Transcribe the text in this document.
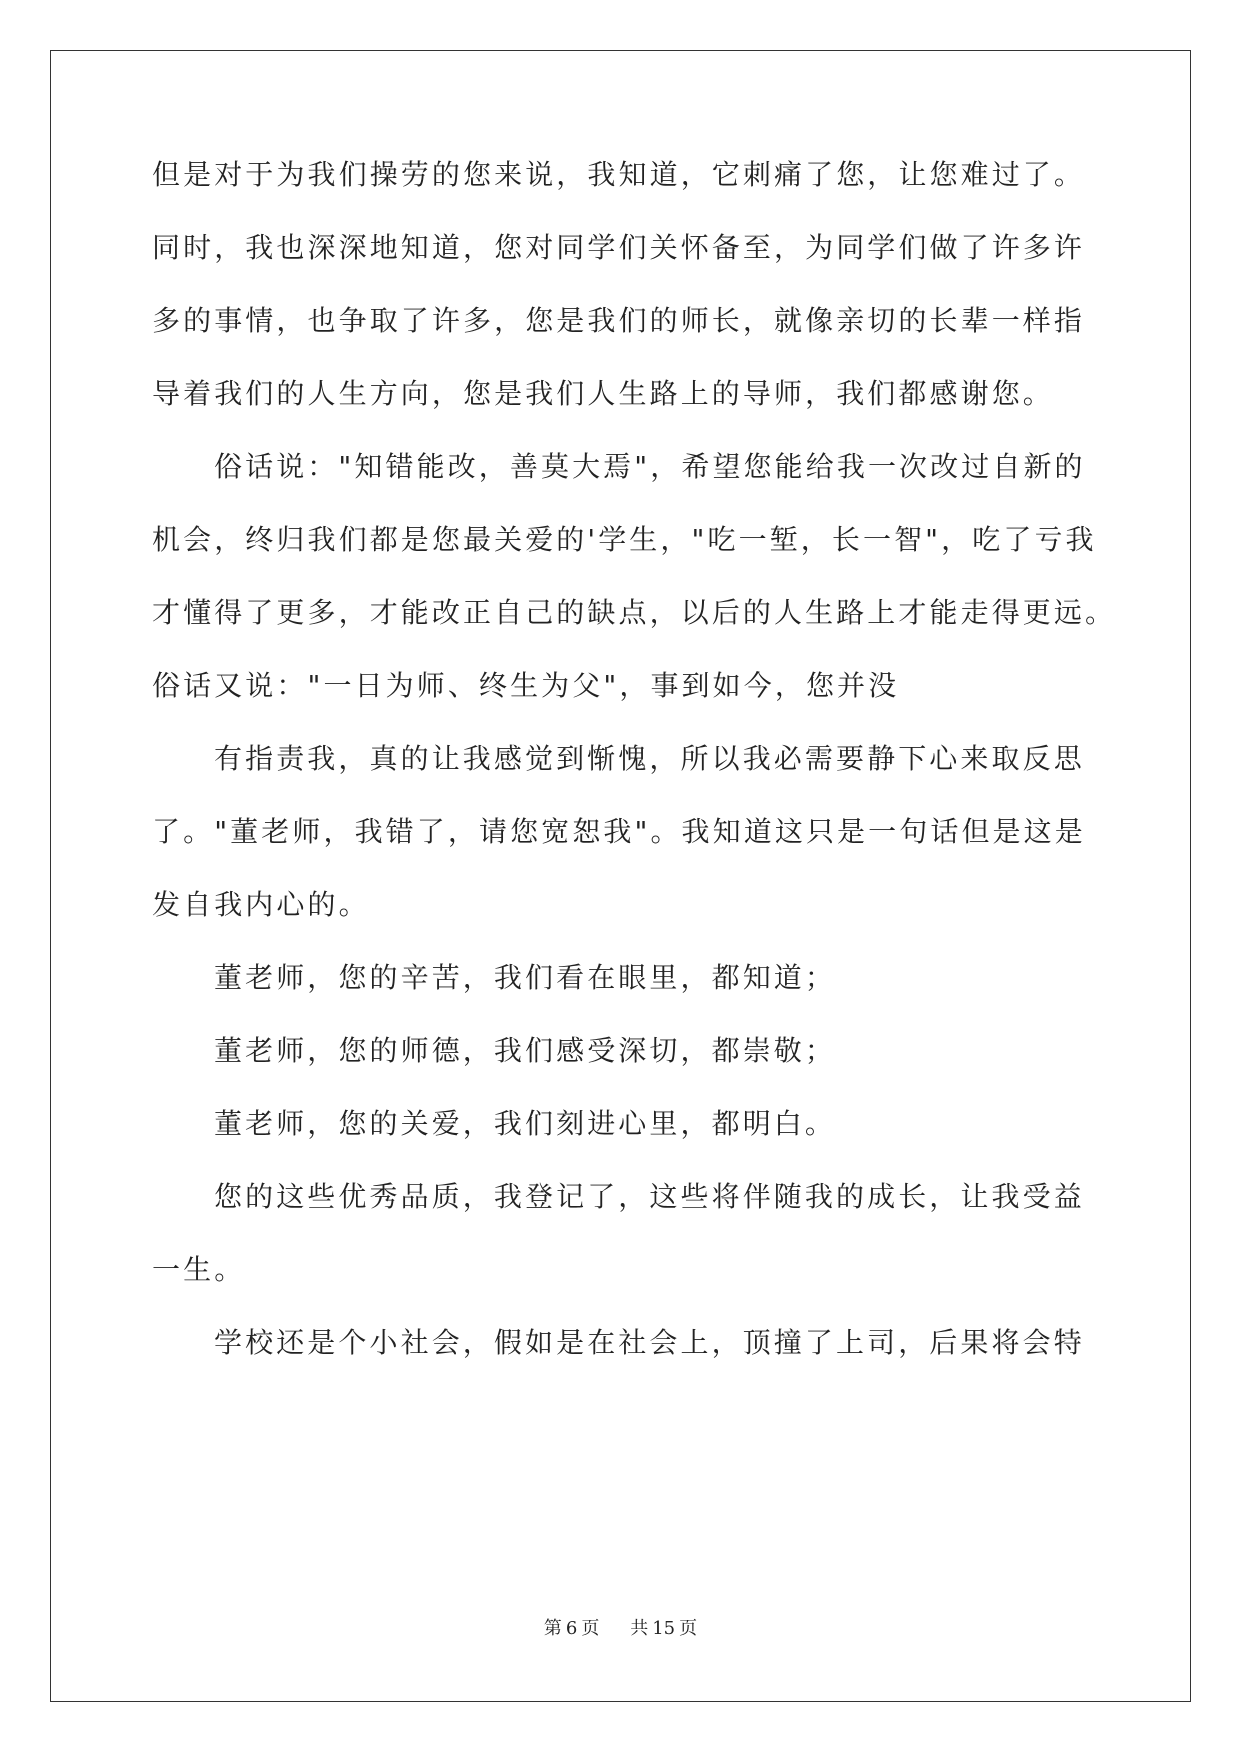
但是对于为我们操劳的您来说，我知道，它刺痛了您，让您难过了。
同时，我也深深地知道，您对同学们关怀备至，为同学们做了许多许
多的事情，也争取了许多，您是我们的师长，就像亲切的长辈一样指
导着我们的人生方向，您是我们人生路上的导师，我们都感谢您。
俗话说："知错能改，善莫大焉"，希望您能给我一次改过自新的
机会，终归我们都是您最关爱的'学生，"吃一堑，长一智"，吃了亏我
才懂得了更多，才能改正自己的缺点，以后的人生路上才能走得更远。
俗话又说："一日为师、终生为父"，事到如今，您并没
有指责我，真的让我感觉到惭愧，所以我必需要静下心来取反思
了。"董老师，我错了，请您宽恕我"。我知道这只是一句话但是这是
发自我内心的。
董老师，您的辛苦，我们看在眼里，都知道；
董老师，您的师德，我们感受深切，都崇敬；
董老师，您的关爱，我们刻进心里，都明白。
您的这些优秀品质，我登记了，这些将伴随我的成长，让我受益
一生。
学校还是个小社会，假如是在社会上，顶撞了上司，后果将会特
第 6 页 共 15 页
